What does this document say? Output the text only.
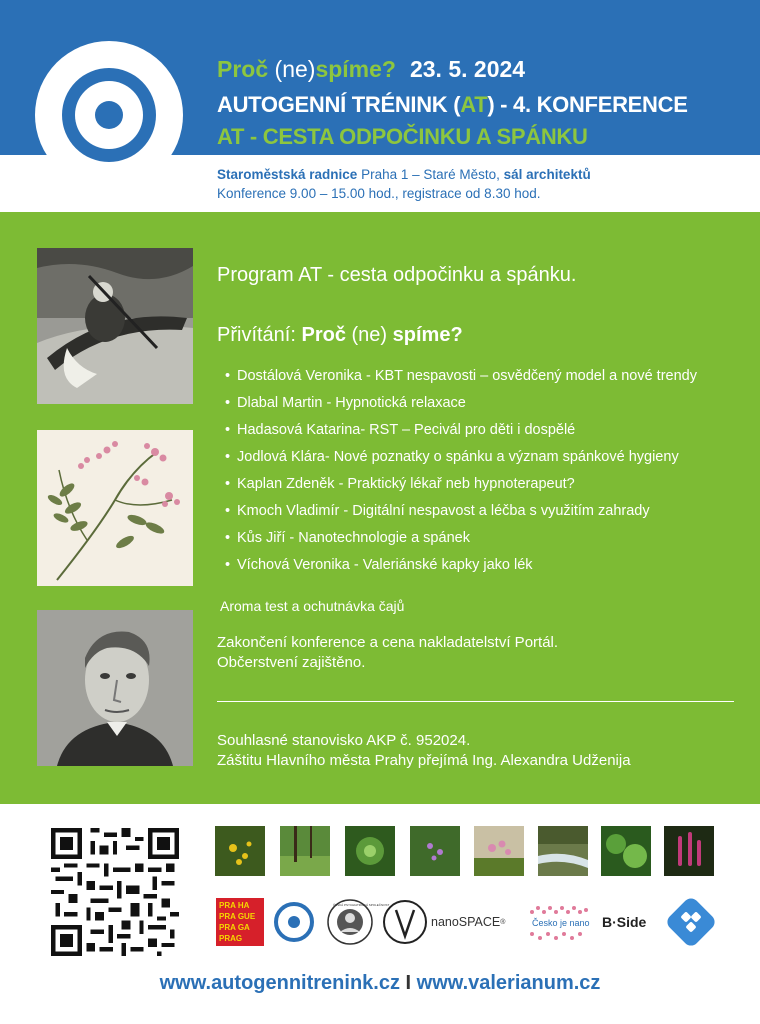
Proč (ne)spíme? 23. 5. 2024
AUTOGENNÍ TRÉNINK (AT) - 4. KONFERENCE
AT - CESTA ODPOČINKU A SPÁNKU
Staroměstská radnice Praha 1 – Staré Město, sál architektů
Konference 9.00 – 15.00 hod., registrace od 8.30 hod.
Program AT - cesta odpočinku a spánku.
Přivítání: Proč (ne) spíme?
• Dostálová Veronika - KBT nespavosti – osvědčený model a nové trendy
• Dlabal Martin - Hypnotická relaxace
• Hadasová Katarina- RST – Pecivál pro děti i dospělé
• Jodlová Klára- Nové poznatky o spánku a význam spánkové hygieny
• Kaplan Zdeněk - Praktický lékař neb hypnoterapeut?
• Kmoch Vladimír - Digitální nespavost a léčba s využitím zahrady
• Kůs Jiří - Nanotechnologie a spánek
• Víchová Veronika - Valeriánské kapky jako lék
Aroma test a ochutnávka čajů
Zakončení konference a cena nakladatelství Portál.
Občerstvení zajištěno.
Souhlasné stanovisko AKP č. 952024.
Záštitu Hlavního města Prahy přejímá Ing. Alexandra Udženija
PRA HA
PRA GUE
PRA GA
PRAG
ČESKÁ PSYCHIATRICKÁ SPOLEČNOST
nanoSPACE ®	Česko je nano B·Side
www.autogennitrenink.cz I www.valerianum.cz
